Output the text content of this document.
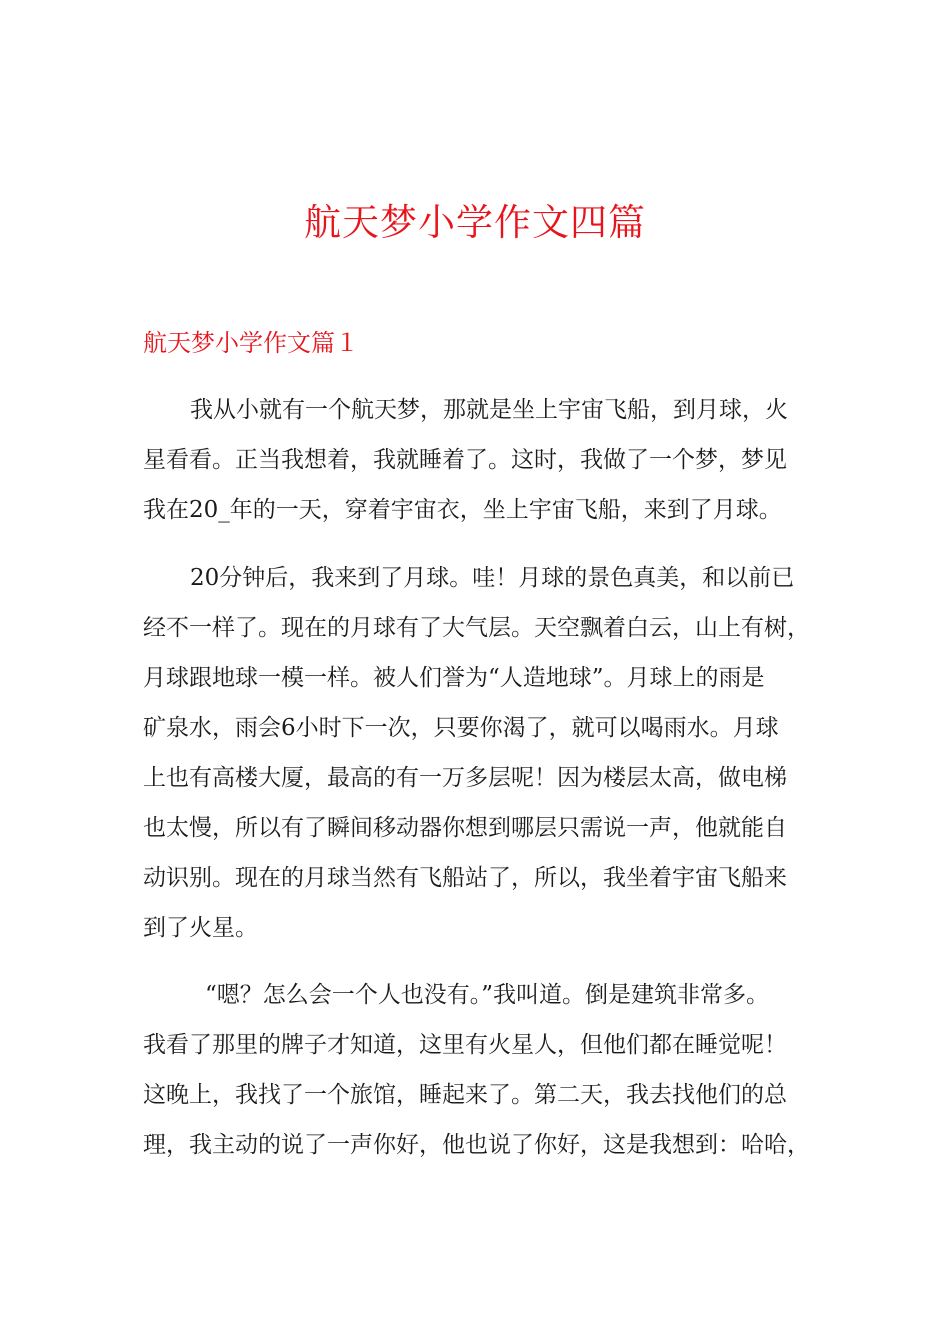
航天梦小学作文四篇
航天梦小学作文篇１
我从小就有一个航天梦，那就是坐上宇宙飞船，到月球，火
星看看。正当我想着，我就睡着了。这时，我做了一个梦，梦见
我在20_年的一天，穿着宇宙衣，坐上宇宙飞船，来到了月球。
20分钟后，我来到了月球。哇！月球的景色真美，和以前已
经不一样了。现在的月球有了大气层。天空飘着白云，山上有树，
月球跟地球一模一样。被人们誉为“人造地球”。月球上的雨是
矿泉水，雨会6小时下一次，只要你渴了，就可以喝雨水。月球
上也有高楼大厦，最高的有一万多层呢！因为楼层太高，做电梯
也太慢，所以有了瞬间移动器你想到哪层只需说一声，他就能自
动识别。现在的月球当然有飞船站了，所以，我坐着宇宙飞船来
到了火星。
“嗯？怎么会一个人也没有。”我叫道。倒是建筑非常多。
我看了那里的牌子才知道，这里有火星人，但他们都在睡觉呢！
这晚上，我找了一个旅馆，睡起来了。第二天，我去找他们的总
理，我主动的说了一声你好，他也说了你好，这是我想到：哈哈，
